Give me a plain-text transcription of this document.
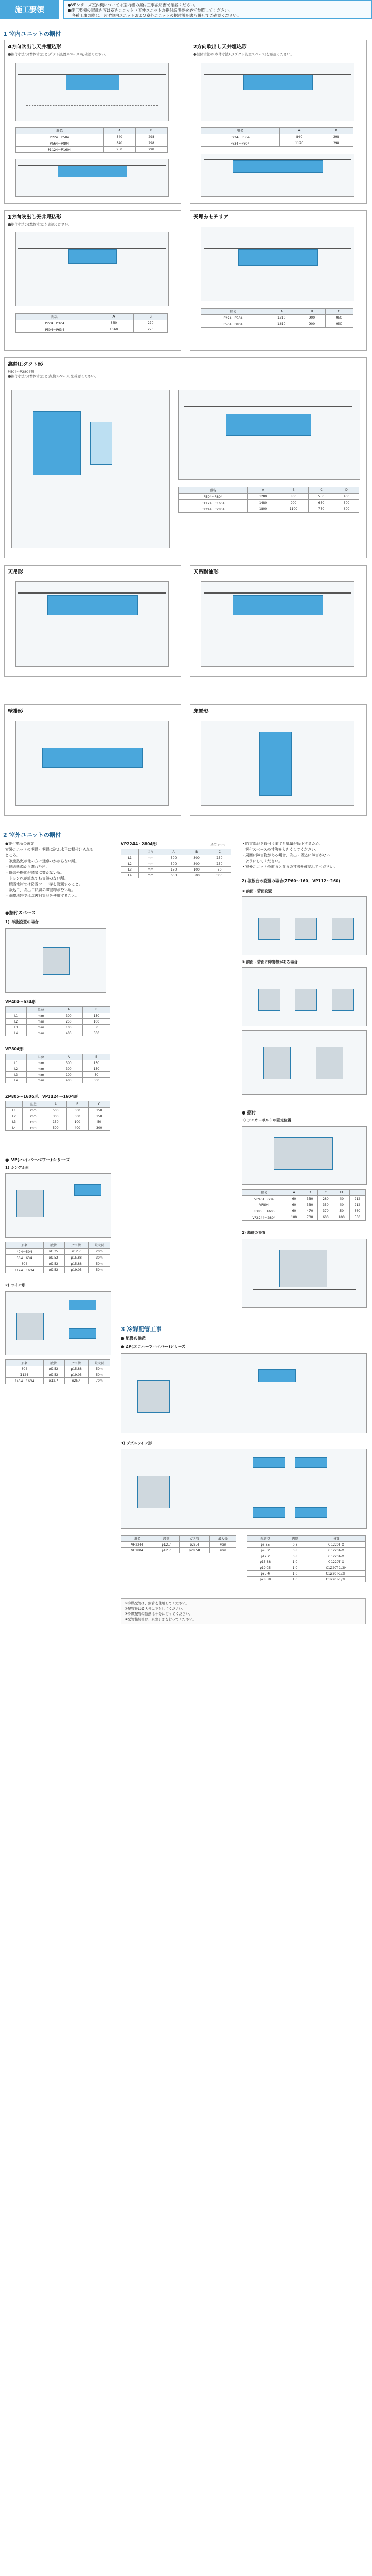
施工要領
●VPシリーズ室内機については室内機の据付工事説明書で確認ください。
●施工要領の記載内容は室内ユニット・室外ユニットの据付説明書を必ず参照してください。
　各種工事の際は、必ず室内ユニットおよび室外ユニットの据付説明書も併せてご確認ください。
1 室内ユニットの据付
4方向吹出し天井埋込形
●据付寸法の(本体寸法)と(ダクト設置スペース)を確認ください。
形名	A	B
P224〜P504	840	298
P564〜P804	840	298
P1124〜P1604	950	298
2方向吹出し天井埋込形
●据付寸法の(本体寸法)と(ダクト設置スペース)を確認ください。
形名	A	B
P224〜P564	840	298
P634〜P804	1120	298
1方向吹出し天井埋込形
●据付寸法の(本体寸法)を確認ください。
形名	A	B
P224〜P324	860	270
P504〜P634	1060	270
天埋カセテリア
形名	A	B	C
P224〜P504	1310	900	950
P564〜P804	1610	900	950
高静圧ダクト形
P504〜P2804形
●据付寸法の(本体寸法)と(点検スペース)を確認ください。
形名	A	B	C	D
P504〜P804	1280	800	550	400
P1124〜P1604	1480	900	650	500
P2244〜P2804	1800	1100	750	600
天吊形	天吊耐油形
壁掛形	床置形
2 室外ユニットの据付
●据付場所の選定
室外ユニットの据置・据置に耐え水平に据付けられる
ところ。
・吹出熱気が他の方に迷惑のかからない所。
・他の熱源から離れた所。
・騒音や振動が隣家に響かない所。
・ドレン水が流れても支障のない所。
・積雪地帯では防雪フード等を設置すること。
・吸込口、吹出口に風の障害物がない所。
・海岸地帯では塩害対策品を使用すること。
●据付スペース
1) 単独設置の場合
VP404〜634形
	単位	A	B
L1	mm	300	150
L2	mm	250	100
L3	mm	100	50
L4	mm	400	300
VP804形
	単位	A	B
L1	mm	300	150
L2	mm	300	150
L3	mm	100	50
L4	mm	400	300
ZP805〜1605形、VP1124〜1604形
	単位	A	B	C
L1	mm	500	300	150
L2	mm	300	300	150
L3	mm	150	100	50
L4	mm	500	400	300
VP2244・2804形	単位 mm
	単位	A	B	C
L1	mm	500	300	150
L2	mm	500	300	150
L3	mm	150	100	50
L4	mm	600	500	300
・防雪部品を取付けますと風量が低下するため、
　据付スペースの寸法を大きくしてください。
・周囲に障害物がある場合、吹出・吸込に障害がない
　ようにしてください。
・室外ユニットの前面と背面の寸法を確認してください。
2) 複数台の設置の場合(ZP60〜160、VP112〜160)
① 前面・背面設置
② 前面・背面に障害物がある場合
● 据付
1) アンカーボルトの固定位置
形名	A	B	C	D	E
VP404〜634	60	330	280	40	212
VP804	60	330	350	40	212
ZP805〜1605	60	470	370	50	360
VP2244〜2804	100	700	600	100	500
2) 基礎の設置
● VP(ハイパーパワー)シリーズ
1) シングル形
形名	液管	ガス管	最大長
404〜504	φ6.35	φ12.7	20m
564〜634	φ9.52	φ15.88	30m
804	φ9.52	φ15.88	50m
1124〜1604	φ9.52	φ19.05	50m
2) ツイン形
形名	液管	ガス管	最大長
804	φ9.52	φ15.88	50m
1124	φ9.52	φ19.05	50m
1404〜1604	φ12.7	φ25.4	70m
3 冷媒配管工事
● 配管の接続
● ZP(エコハーツハイパー)シリーズ
3) ダブルツイン形
形名	液管	ガス管	最大長
VP2244	φ12.7	φ25.4	70m
VP2804	φ12.7	φ28.58	70m
配管径	肉厚	材質
φ6.35	0.8	C1220T-O
φ9.52	0.8	C1220T-O
φ12.7	0.8	C1220T-O
φ15.88	1.0	C1220T-O
φ19.05	1.0	C1220T-1/2H
φ25.4	1.0	C1220T-1/2H
φ28.58	1.0	C1220T-1/2H
①冷媒配管は、銅管を使用してください。
②配管長は最大長以下としてください。
③冷媒配管の断熱は十分に行ってください。
④配管接続後は、真空引きを行ってください。
